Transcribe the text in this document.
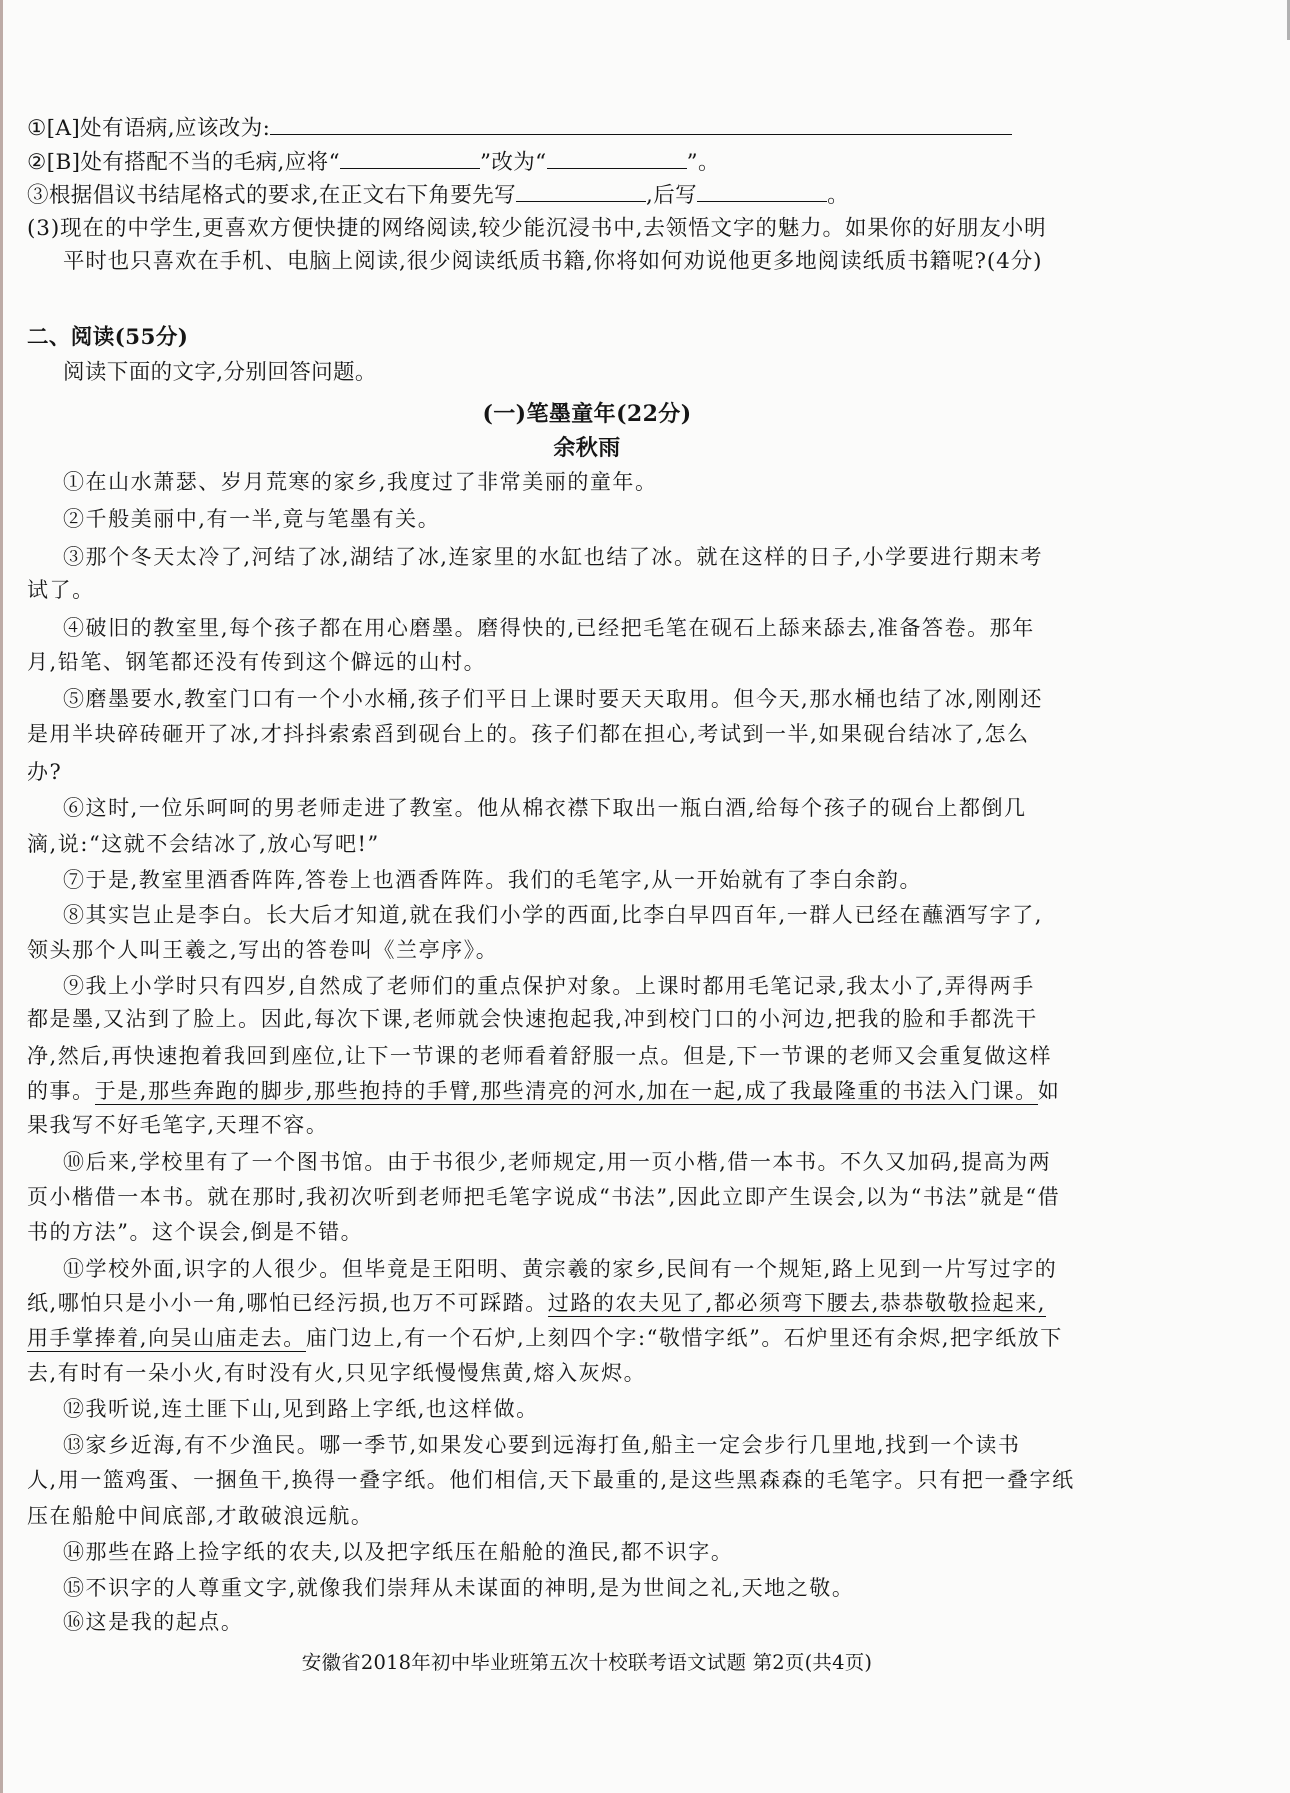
①[A]处有语病,应该改为:
②[B]处有搭配不当的毛病,应将“	”改为“	”。
③根据倡议书结尾格式的要求,在正文右下角要先写	,后写	。
(3)现在的中学生,更喜欢方便快捷的网络阅读,较少能沉浸书中,去领悟文字的魅力。如果你的好朋友小明
平时也只喜欢在手机、电脑上阅读,很少阅读纸质书籍,你将如何劝说他更多地阅读纸质书籍呢?(4分)
二、阅读(55分)
阅读下面的文字,分别回答问题。
(一)笔墨童年(22分)
余秋雨
①在山水萧瑟、岁月荒寒的家乡,我度过了非常美丽的童年。
②千般美丽中,有一半,竟与笔墨有关。
③那个冬天太冷了,河结了冰,湖结了冰,连家里的水缸也结了冰。就在这样的日子,小学要进行期末考
试了。
④破旧的教室里,每个孩子都在用心磨墨。磨得快的,已经把毛笔在砚石上舔来舔去,准备答卷。那年
月,铅笔、钢笔都还没有传到这个僻远的山村。
⑤磨墨要水,教室门口有一个小水桶,孩子们平日上课时要天天取用。但今天,那水桶也结了冰,刚刚还
是用半块碎砖砸开了冰,才抖抖索索舀到砚台上的。孩子们都在担心,考试到一半,如果砚台结冰了,怎么
办?
⑥这时,一位乐呵呵的男老师走进了教室。他从棉衣襟下取出一瓶白酒,给每个孩子的砚台上都倒几
滴,说:“这就不会结冰了,放心写吧!”
⑦于是,教室里酒香阵阵,答卷上也酒香阵阵。我们的毛笔字,从一开始就有了李白余韵。
⑧其实岂止是李白。长大后才知道,就在我们小学的西面,比李白早四百年,一群人已经在蘸酒写字了,
领头那个人叫王羲之,写出的答卷叫《兰亭序》。
⑨我上小学时只有四岁,自然成了老师们的重点保护对象。上课时都用毛笔记录,我太小了,弄得两手
都是墨,又沾到了脸上。因此,每次下课,老师就会快速抱起我,冲到校门口的小河边,把我的脸和手都洗干
净,然后,再快速抱着我回到座位,让下一节课的老师看着舒服一点。但是,下一节课的老师又会重复做这样
的事。于是,那些奔跑的脚步,那些抱持的手臂,那些清亮的河水,加在一起,成了我最隆重的书法入门课。如
果我写不好毛笔字,天理不容。
⑩后来,学校里有了一个图书馆。由于书很少,老师规定,用一页小楷,借一本书。不久又加码,提高为两
页小楷借一本书。就在那时,我初次听到老师把毛笔字说成“书法”,因此立即产生误会,以为“书法”就是“借
书的方法”。这个误会,倒是不错。
⑪学校外面,识字的人很少。但毕竟是王阳明、黄宗羲的家乡,民间有一个规矩,路上见到一片写过字的
纸,哪怕只是小小一角,哪怕已经污损,也万不可踩踏。过路的农夫见了,都必须弯下腰去,恭恭敬敬捡起来,
用手掌捧着,向吴山庙走去。庙门边上,有一个石炉,上刻四个字:“敬惜字纸”。石炉里还有余烬,把字纸放下
去,有时有一朵小火,有时没有火,只见字纸慢慢焦黄,熔入灰烬。
⑫我听说,连土匪下山,见到路上字纸,也这样做。
⑬家乡近海,有不少渔民。哪一季节,如果发心要到远海打鱼,船主一定会步行几里地,找到一个读书
人,用一篮鸡蛋、一捆鱼干,换得一叠字纸。他们相信,天下最重的,是这些黑森森的毛笔字。只有把一叠字纸
压在船舱中间底部,才敢破浪远航。
⑭那些在路上捡字纸的农夫,以及把字纸压在船舱的渔民,都不识字。
⑮不识字的人尊重文字,就像我们崇拜从未谋面的神明,是为世间之礼,天地之敬。
⑯这是我的起点。
安徽省2018年初中毕业班第五次十校联考语文试题 第2页(共4页)
